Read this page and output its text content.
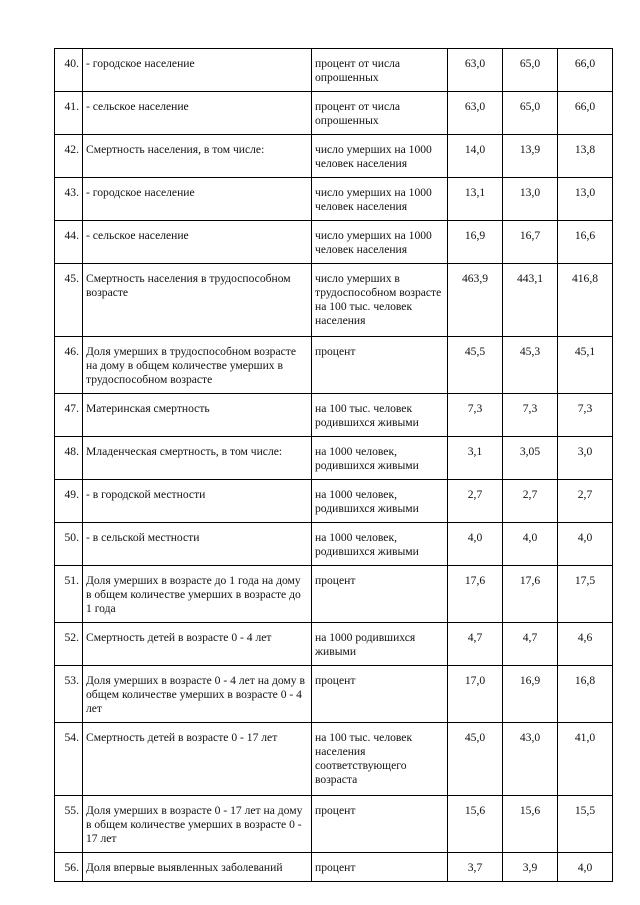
40.	- городское население	процент от числа опрошенных	63,0	65,0	66,0
41.	- сельское население	процент от числа опрошенных	63,0	65,0	66,0
42.	Смертность населения, в том числе:	число умерших на 1000 человек населения	14,0	13,9	13,8
43.	- городское население	число умерших на 1000 человек населения	13,1	13,0	13,0
44.	- сельское население	число умерших на 1000 человек населения	16,9	16,7	16,6
45.	Смертность населения в трудоспособном возрасте	число умерших в трудоспособном возрасте на 100 тыс. человек населения	463,9	443,1	416,8
46.	Доля умерших в трудоспособном возрасте на дому в общем количестве умерших в трудоспособном возрасте	процент	45,5	45,3	45,1
47.	Материнская смертность	на 100 тыс. человек родившихся живыми	7,3	7,3	7,3
48.	Младенческая смертность, в том числе:	на 1000 человек, родившихся живыми	3,1	3,05	3,0
49.	- в городской местности	на 1000 человек, родившихся живыми	2,7	2,7	2,7
50.	- в сельской местности	на 1000 человек, родившихся живыми	4,0	4,0	4,0
51.	Доля умерших в возрасте до 1 года на дому в общем количестве умерших в возрасте до 1 года	процент	17,6	17,6	17,5
52.	Смертность детей в возрасте 0 - 4 лет	на 1000 родившихся живыми	4,7	4,7	4,6
53.	Доля умерших в возрасте 0 - 4 лет на дому в общем количестве умерших в возрасте 0 - 4 лет	процент	17,0	16,9	16,8
54.	Смертность детей в возрасте 0 - 17 лет	на 100 тыс. человек населения соответствующего возраста	45,0	43,0	41,0
55.	Доля умерших в возрасте 0 - 17 лет на дому в общем количестве умерших в возрасте 0 - 17 лет	процент	15,6	15,6	15,5
56.	Доля впервые выявленных заболеваний	процент	3,7	3,9	4,0
